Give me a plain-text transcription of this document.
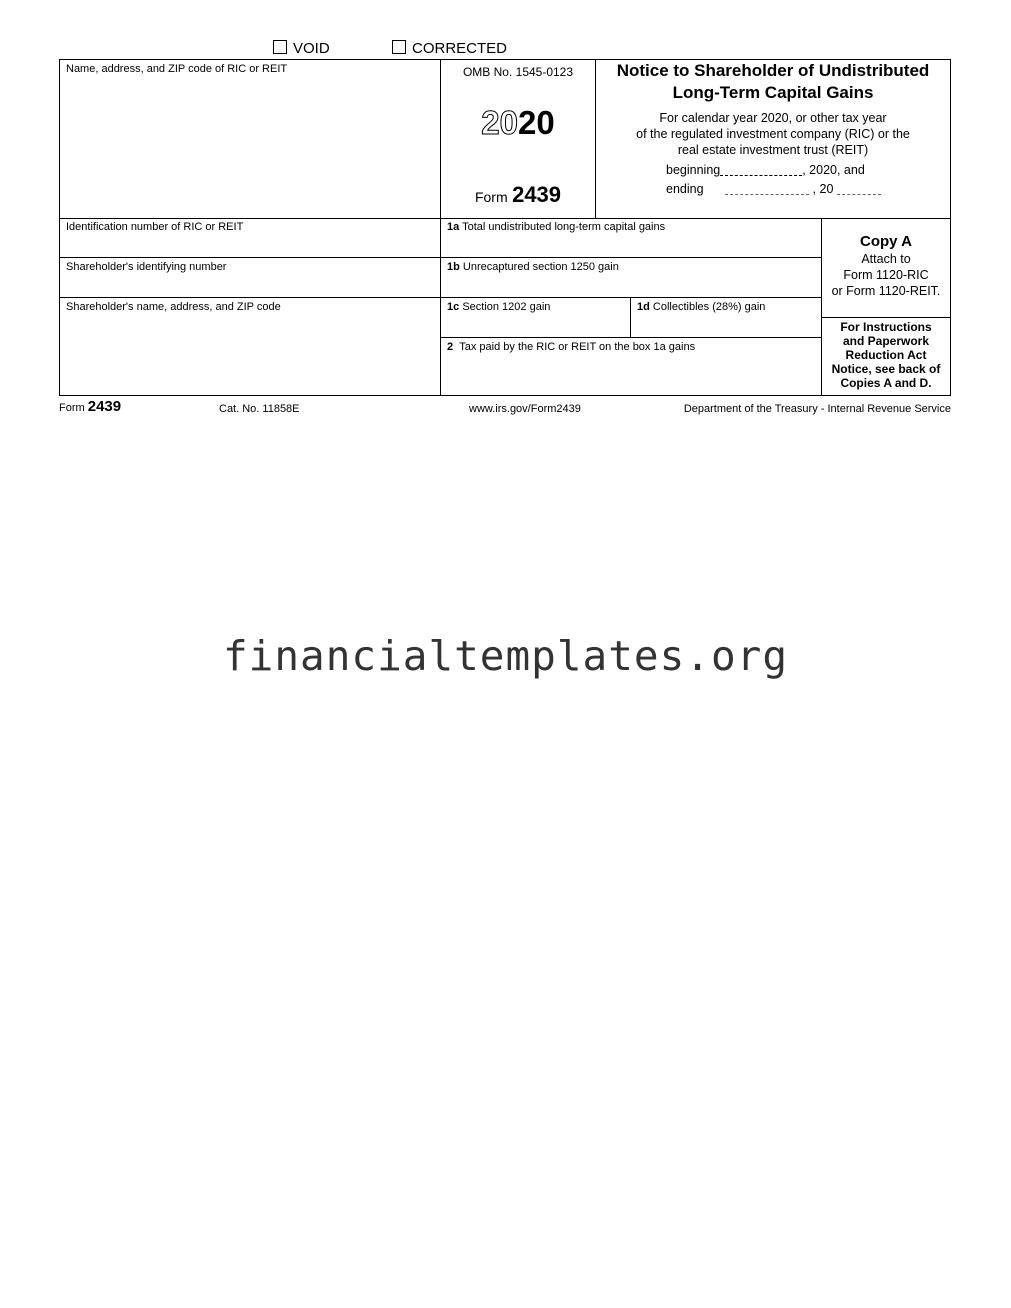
VOID	CORRECTED
Name, address, and ZIP code of RIC or REIT	OMB No. 1545-0123
2020
Form 2439
Notice to Shareholder of Undistributed
Long-Term Capital Gains
For calendar year 2020, or other tax year
of the regulated investment company (RIC) or the
real estate investment trust (REIT)
beginning	, 2020, and
ending	, 20
Identification number of RIC or REIT
Shareholder's identifying number
Shareholder's name, address, and ZIP code
1a Total undistributed long-term capital gains
1b Unrecaptured section 1250 gain
1c Section 1202 gain	1d Collectibles (28%) gain
2 Tax paid by the RIC or REIT on the box 1a gains
Copy A
Attach to
Form 1120-RIC
or Form 1120-REIT.
For Instructions
and Paperwork
Reduction Act
Notice, see back of
Copies A and D.
Form 2439	Cat. No. 11858E	www.irs.gov/Form2439	Department of the Treasury - Internal Revenue Service
financialtemplates.org
